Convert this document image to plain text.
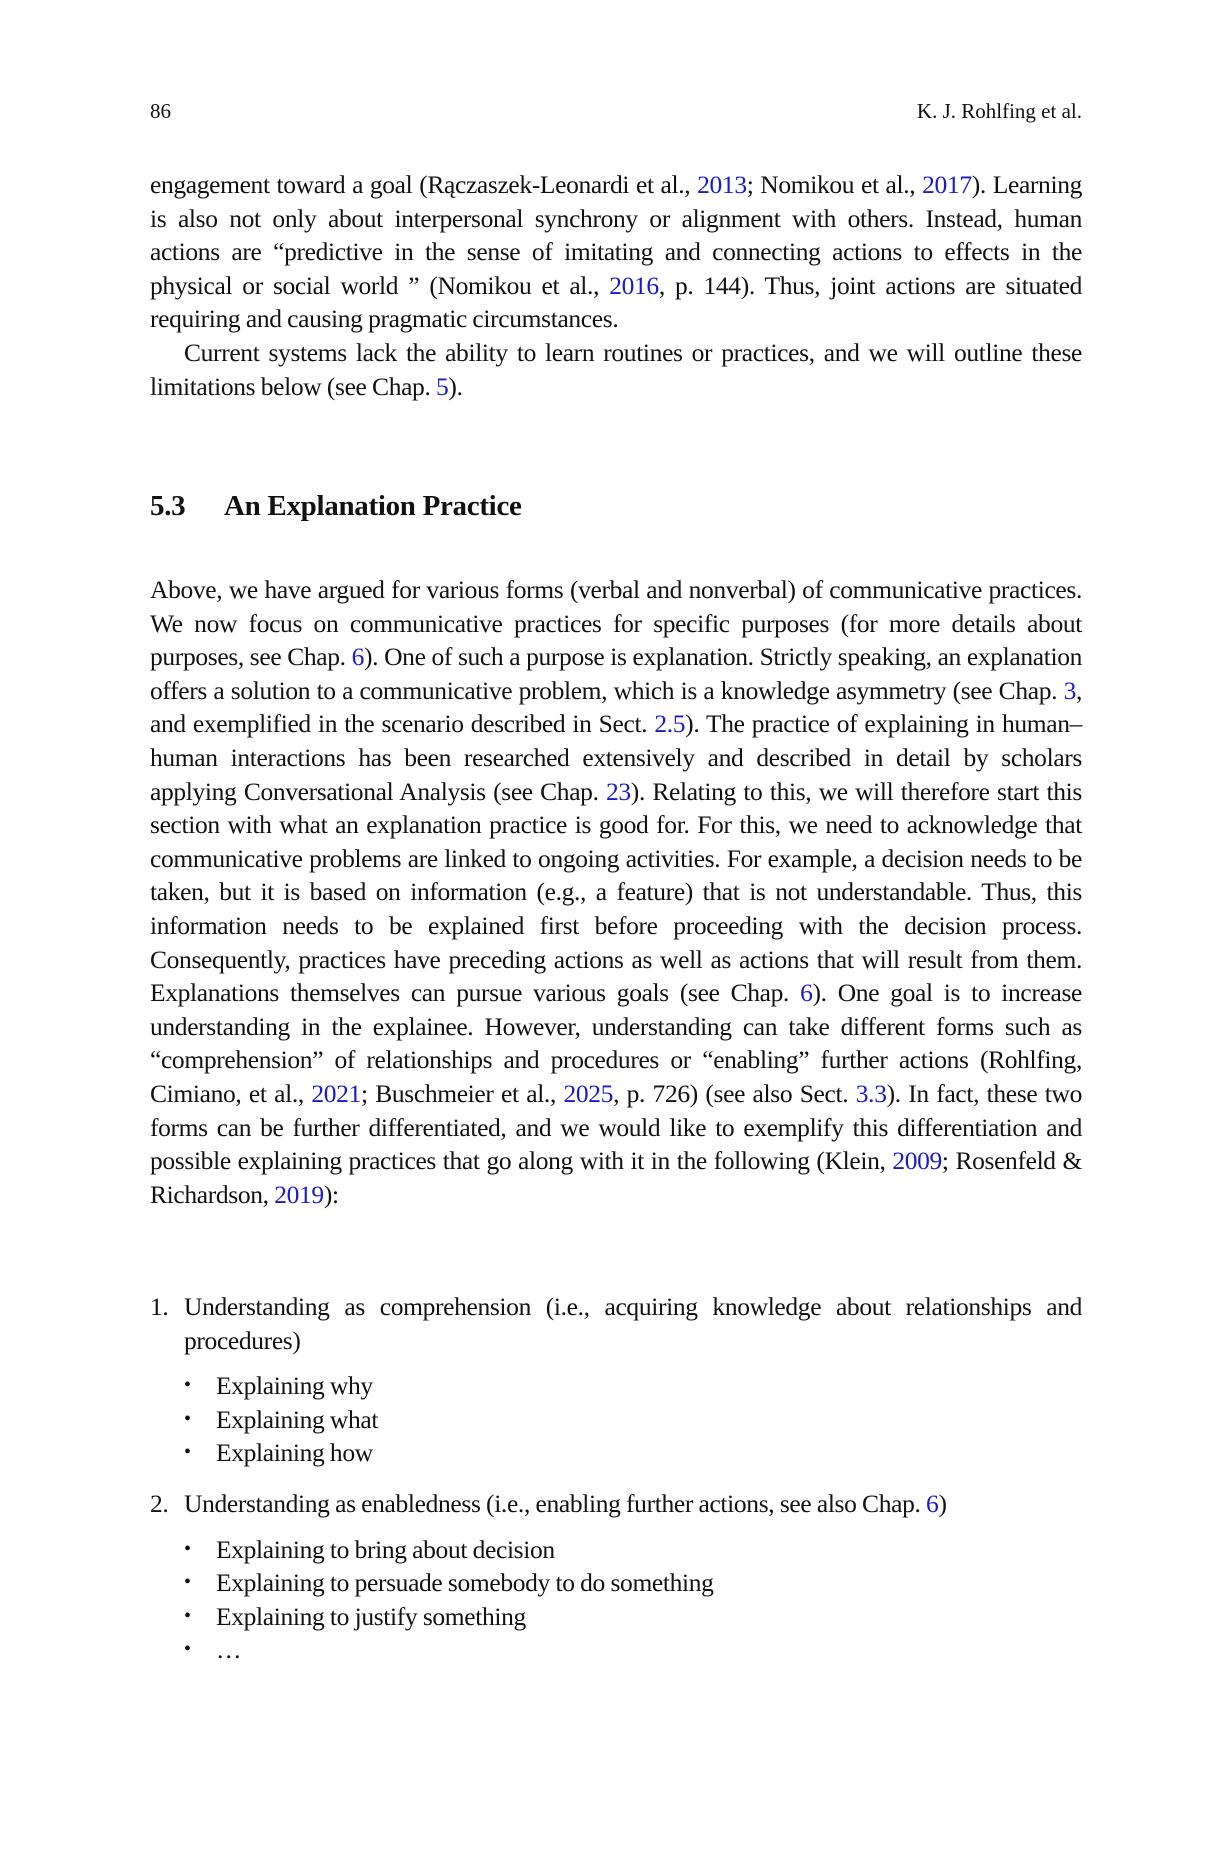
86	K. J. Rohlfing et al.

engagement toward a goal (Rączaszek-Leonardi et al., 2013; Nomikou et al., 2017). Learning is also not only about interpersonal synchrony or alignment with others. Instead, human actions are “predictive in the sense of imitating and connecting actions to effects in the physical or social world ” (Nomikou et al., 2016, p. 144). Thus, joint actions are situated requiring and causing pragmatic circumstances.

Current systems lack the ability to learn routines or practices, and we will outline these limitations below (see Chap. 5).

5.3 An Explanation Practice

Above, we have argued for various forms (verbal and nonverbal) of communicative practices. We now focus on communicative practices for specific purposes (for more details about purposes, see Chap. 6). One of such a purpose is explanation. Strictly speaking, an explanation offers a solution to a communicative problem, which is a knowledge asymmetry (see Chap. 3, and exemplified in the scenario described in Sect. 2.5). The practice of explaining in human–human interactions has been researched extensively and described in detail by scholars applying Conversational Analysis (see Chap. 23). Relating to this, we will therefore start this section with what an explanation practice is good for. For this, we need to acknowledge that communicative problems are linked to ongoing activities. For example, a decision needs to be taken, but it is based on information (e.g., a feature) that is not understandable. Thus, this information needs to be explained first before proceeding with the decision process. Consequently, practices have preceding actions as well as actions that will result from them. Explanations themselves can pursue various goals (see Chap. 6). One goal is to increase understanding in the explainee. However, understanding can take different forms such as “comprehension” of relationships and procedures or “enabling” further actions (Rohlfing, Cimiano, et al., 2021; Buschmeier et al., 2025, p. 726) (see also Sect. 3.3). In fact, these two forms can be further differentiated, and we would like to exemplify this differentiation and possible explaining practices that go along with it in the following (Klein, 2009; Rosenfeld & Richardson, 2019):

1. Understanding as comprehension (i.e., acquiring knowledge about relationships and procedures)
• Explaining why
• Explaining what
• Explaining how
2. Understanding as enabledness (i.e., enabling further actions, see also Chap. 6)
• Explaining to bring about decision
• Explaining to persuade somebody to do something
• Explaining to justify something
• …
